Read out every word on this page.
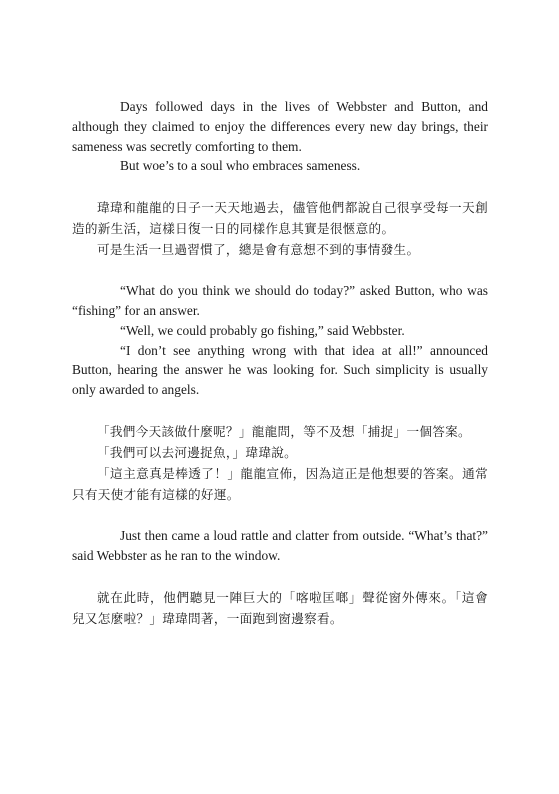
Days followed days in the lives of Webbster and Button, and although they claimed to enjoy the differences every new day brings, their sameness was secretly comforting to them.

But woe’s to a soul who embraces sameness.

瑋瑋和龍龍的日子一天天地過去，儘管他們都說自己很享受每一天創造的新生活，這樣日復一日的同樣作息其實是很愜意的。

可是生活一旦過習慣了，總是會有意想不到的事情發生。

“What do you think we should do today?” asked Button, who was “fishing” for an answer.

“Well, we could probably go fishing,” said Webbster.

“I don’t see anything wrong with that idea at all!” announced Button, hearing the answer he was looking for. Such simplicity is usually only awarded to angels.

「我們今天該做什麼呢？」龍龍問，等不及想「捕捉」一個答案。

「我們可以去河邊捉魚，」瑋瑋說。

「這主意真是棒透了！」龍龍宣佈，因為這正是他想要的答案。通常只有天使才能有這樣的好運。

Just then came a loud rattle and clatter from outside. “What’s that?” said Webbster as he ran to the window.

就在此時，他們聽見一陣巨大的「喀啦匡啷」聲從窗外傳來。「這會兒又怎麼啦？」瑋瑋問著，一面跑到窗邊察看。
